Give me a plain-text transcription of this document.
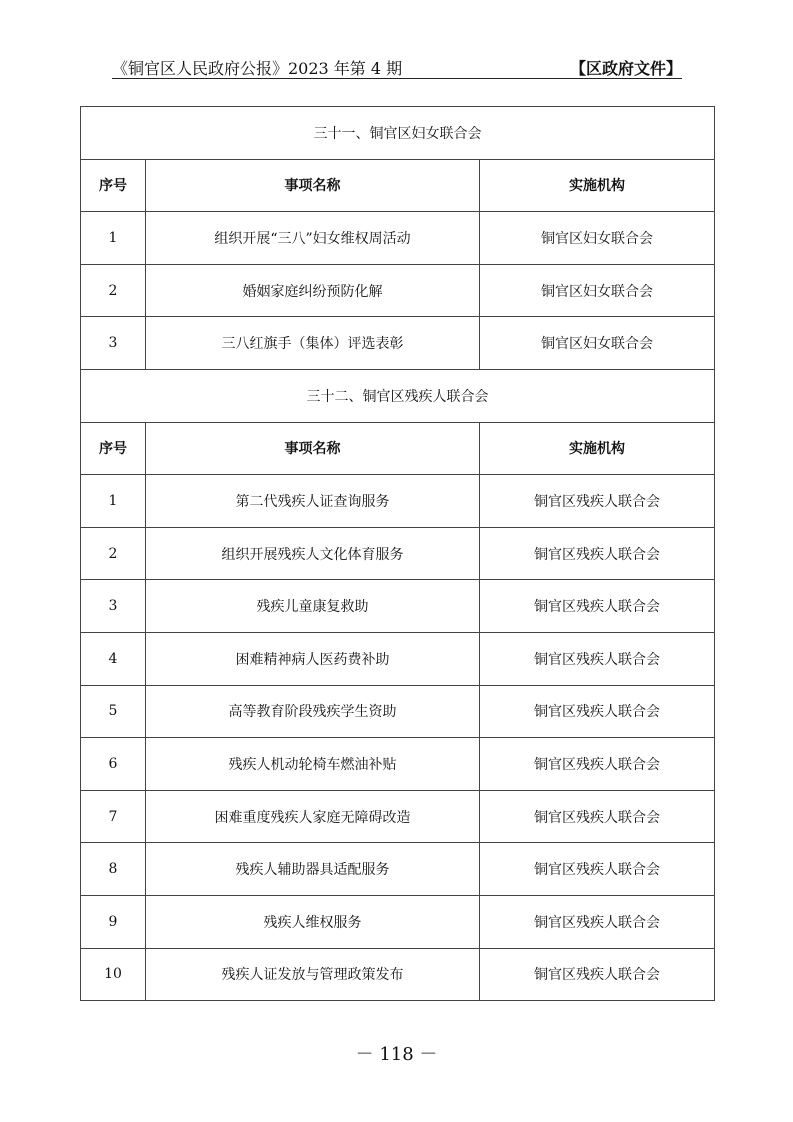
《铜官区人民政府公报》2023 年第 4 期	【区政府文件】
三十一、铜官区妇女联合会		
序号	事项名称	实施机构
1	组织开展“三八”妇女维权周活动	铜官区妇女联合会
2	婚姻家庭纠纷预防化解	铜官区妇女联合会
3	三八红旗手（集体）评选表彰	铜官区妇女联合会
三十二、铜官区残疾人联合会		
序号	事项名称	实施机构
1	第二代残疾人证查询服务	铜官区残疾人联合会
2	组织开展残疾人文化体育服务	铜官区残疾人联合会
3	残疾儿童康复救助	铜官区残疾人联合会
4	困难精神病人医药费补助	铜官区残疾人联合会
5	高等教育阶段残疾学生资助	铜官区残疾人联合会
6	残疾人机动轮椅车燃油补贴	铜官区残疾人联合会
7	困难重度残疾人家庭无障碍改造	铜官区残疾人联合会
8	残疾人辅助器具适配服务	铜官区残疾人联合会
9	残疾人维权服务	铜官区残疾人联合会
10	残疾人证发放与管理政策发布	铜官区残疾人联合会
－ 118 －
